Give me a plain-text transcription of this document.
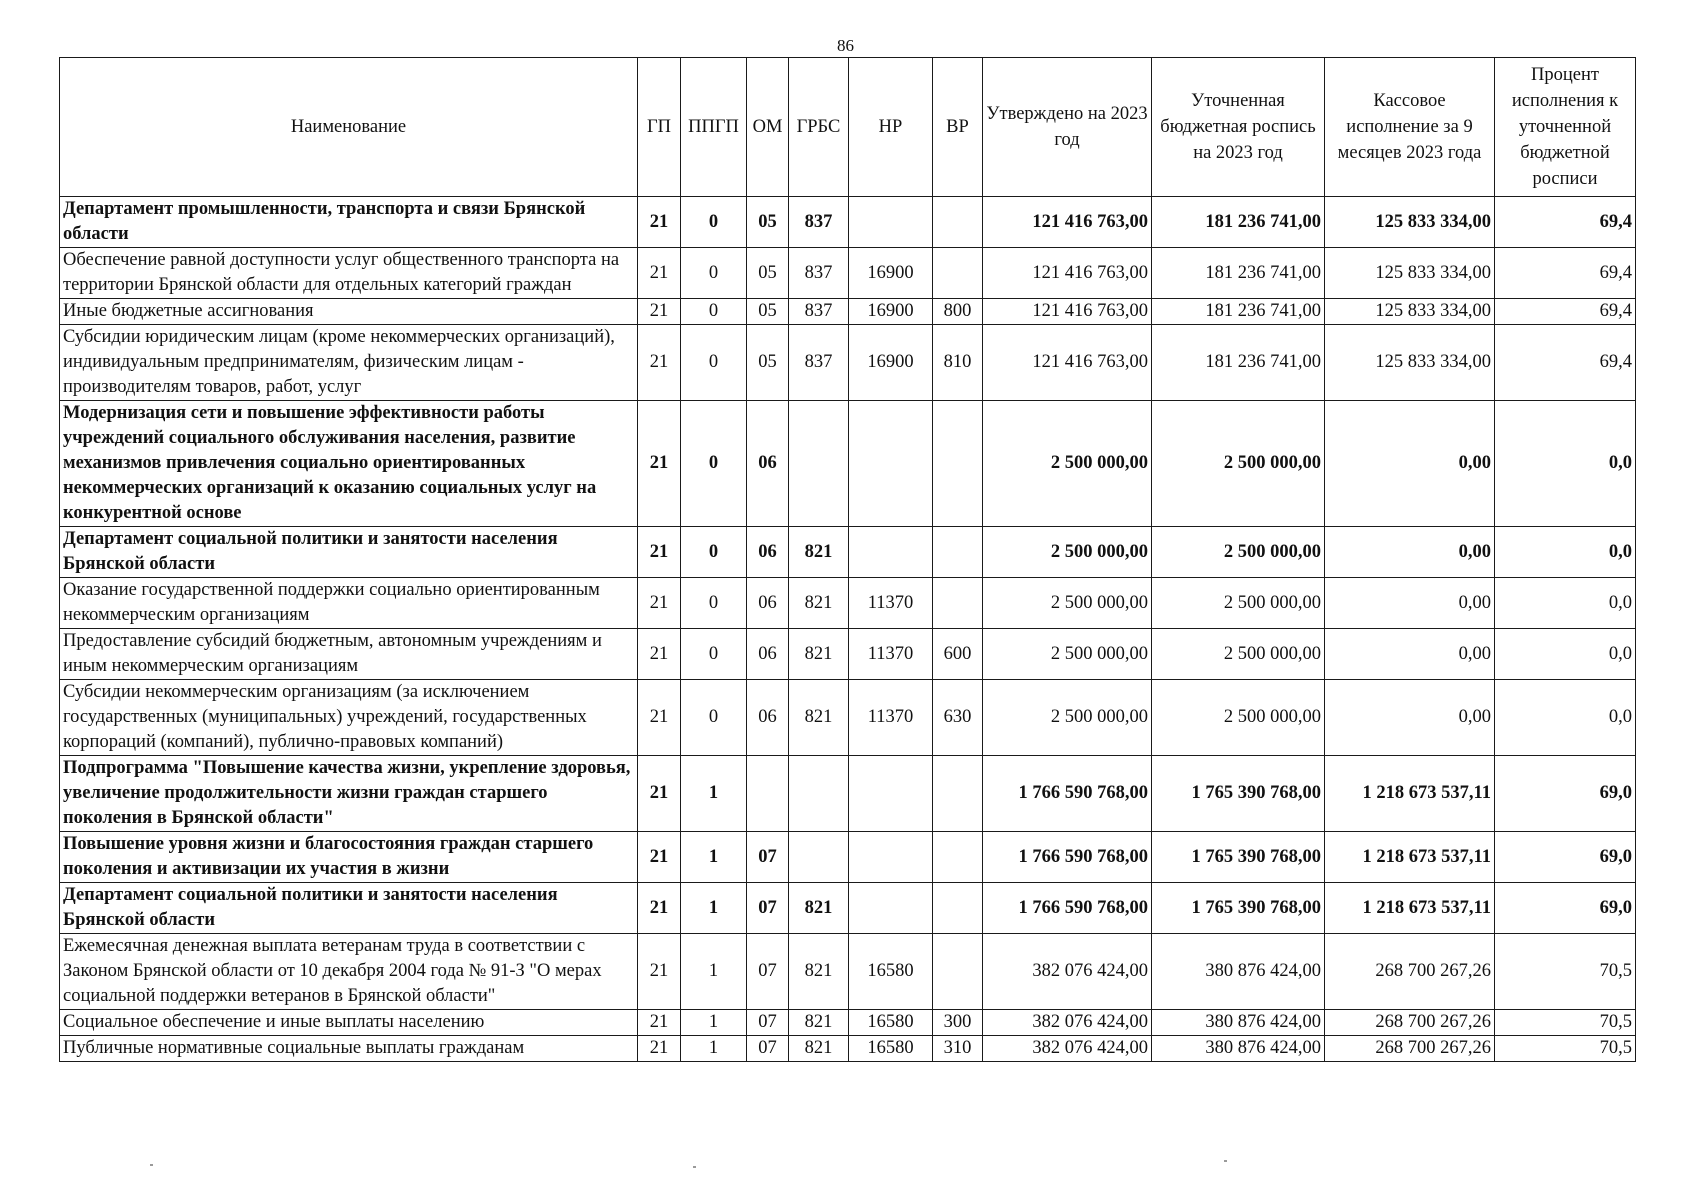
86
Наименование	ГП	ППГП	ОМ	ГРБС	НР	ВР	Утверждено на 2023 год	Уточненная бюджетная роспись на 2023 год	Кассовое исполнение за 9 месяцев 2023 года	Процент исполнения к уточненной бюджетной росписи
Департамент промышленности, транспорта и связи Брянской области	21	0	05	837			121 416 763,00	181 236 741,00	125 833 334,00	69,4
Обеспечение равной доступности услуг общественного транспорта на территории Брянской области для отдельных категорий граждан	21	0	05	837	16900		121 416 763,00	181 236 741,00	125 833 334,00	69,4
Иные бюджетные ассигнования	21	0	05	837	16900	800	121 416 763,00	181 236 741,00	125 833 334,00	69,4
Субсидии юридическим лицам (кроме некоммерческих организаций), индивидуальным предпринимателям, физическим лицам - производителям товаров, работ, услуг	21	0	05	837	16900	810	121 416 763,00	181 236 741,00	125 833 334,00	69,4
Модернизация сети и повышение эффективности работы учреждений социального обслуживания населения, развитие механизмов привлечения социально ориентированных некоммерческих организаций к оказанию социальных услуг на конкурентной основе	21	0	06				2 500 000,00	2 500 000,00	0,00	0,0
Департамент социальной политики и занятости населения Брянской области	21	0	06	821			2 500 000,00	2 500 000,00	0,00	0,0
Оказание государственной поддержки социально ориентированным некоммерческим организациям	21	0	06	821	11370		2 500 000,00	2 500 000,00	0,00	0,0
Предоставление субсидий бюджетным, автономным учреждениям и иным некоммерческим организациям	21	0	06	821	11370	600	2 500 000,00	2 500 000,00	0,00	0,0
Субсидии некоммерческим организациям (за исключением государственных (муниципальных) учреждений, государственных корпораций (компаний), публично-правовых компаний)	21	0	06	821	11370	630	2 500 000,00	2 500 000,00	0,00	0,0
Подпрограмма "Повышение качества жизни, укрепление здоровья, увеличение продолжительности жизни граждан старшего поколения в Брянской области"	21	1					1 766 590 768,00	1 765 390 768,00	1 218 673 537,11	69,0
Повышение уровня жизни и благосостояния граждан старшего поколения и активизации их участия в жизни	21	1	07				1 766 590 768,00	1 765 390 768,00	1 218 673 537,11	69,0
Департамент социальной политики и занятости населения Брянской области	21	1	07	821			1 766 590 768,00	1 765 390 768,00	1 218 673 537,11	69,0
Ежемесячная денежная выплата ветеранам труда в соответствии с Законом Брянской области от 10 декабря 2004 года № 91-З "О мерах социальной поддержки ветеранов в Брянской области"	21	1	07	821	16580		382 076 424,00	380 876 424,00	268 700 267,26	70,5
Социальное обеспечение и иные выплаты населению	21	1	07	821	16580	300	382 076 424,00	380 876 424,00	268 700 267,26	70,5
Публичные нормативные социальные выплаты гражданам	21	1	07	821	16580	310	382 076 424,00	380 876 424,00	268 700 267,26	70,5
